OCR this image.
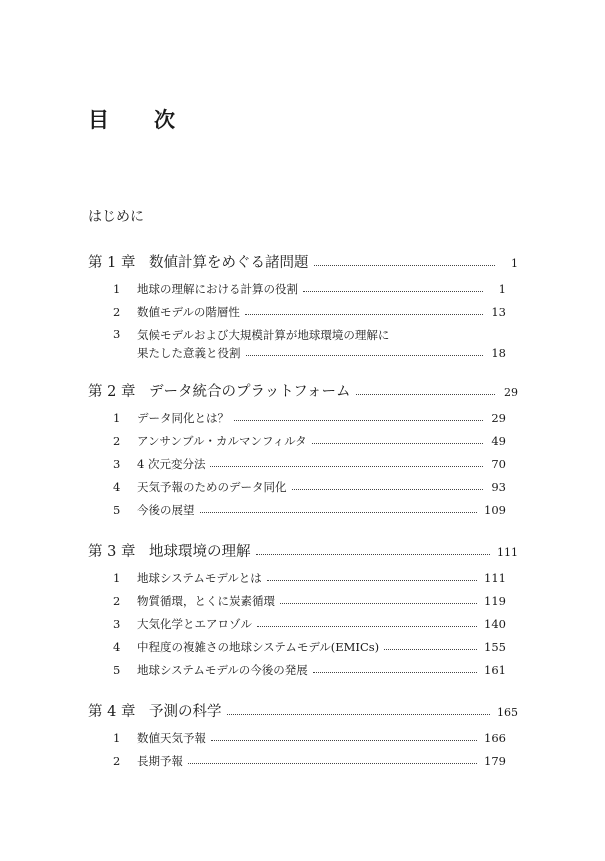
目　次
はじめに
第 1 章 数値計算をめぐる諸問題	1
1	地球の理解における計算の役割	1
2	数値モデルの階層性	13
3 気候モデルおよび大規模計算が地球環境の理解に
果たした意義と役割	18
第 2 章 データ統合のプラットフォーム	29
1	データ同化とは？	29
2	アンサンブル・カルマンフィルタ	49
3	4 次元変分法	70
4	天気予報のためのデータ同化	93
5	今後の展望	109
第 3 章 地球環境の理解	111
1	地球システムモデルとは	111
2	物質循環，とくに炭素循環	119
3	大気化学とエアロゾル	140
4	中程度の複雑さの地球システムモデル(EMICs)	155
5	地球システムモデルの今後の発展	161
第 4 章 予測の科学	165
1	数値天気予報	166
2	長期予報	179
